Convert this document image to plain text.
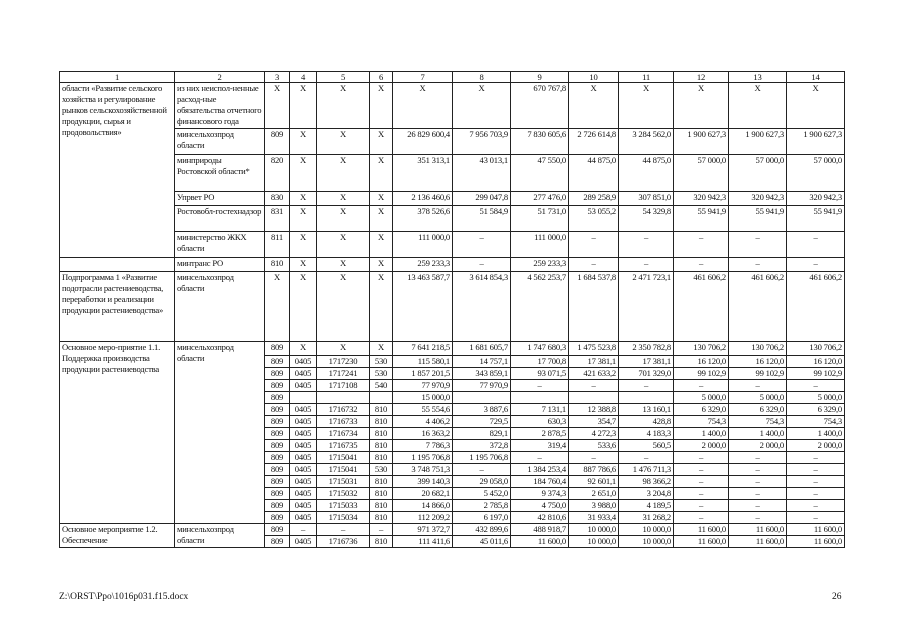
1	2	3	4	5	6	7	8	9	10	11	12	13	14
области «Развитие сельского хозяйства и регулирование рынков сельскохозяйственной продукции, сырья и продовольствия»	из них неиспол-ненные расход-ные обязательства отчетного финансового года	X	X	X	X	X	X	670 767,8	X	X	X	X	X
	минсельхозпрод области	809	X	X	X	26 829 600,4	7 956 703,9	7 830 605,6	2 726 614,8	3 284 562,0	1 900 627,3	1 900 627,3	1 900 627,3
	минприроды Ростовской области*	820	X	X	X	351 313,1	43 013,1	47 550,0	44 875,0	44 875,0	57 000,0	57 000,0	57 000,0
	Упрвет РО	830	X	X	X	2 136 460,6	299 047,8	277 476,0	289 258,9	307 851,0	320 942,3	320 942,3	320 942,3
	Ростовобл-гостехнадзор	831	X	X	X	378 526,6	51 584,9	51 731,0	53 055,2	54 329,8	55 941,9	55 941,9	55 941,9
	министерство ЖКХ области	811	X	X	X	111 000,0	–	111 000,0	–	–	–	–	–
	минтранс РО	810	X	X	X	259 233,3	–	259 233,3	–	–	–	–	–
Подпрограмма 1 «Развитие подотрасли растениеводства, переработки и реализации продукции растениеводства»	минсельхозпрод области	X	X	X	X	13 463 587,7	3 614 854,3	4 562 253,7	1 684 537,8	2 471 723,1	461 606,2	461 606,2	461 606,2
Основное меро-приятие 1.1. Поддержка производства продукции растениеводства	минсельхозпрод области	809	X	X	X	7 641 218,5	1 681 605,7	1 747 680,3	1 475 523,8	2 350 782,8	130 706,2	130 706,2	130 706,2
		809	0405	1717230	530	115 580,1	14 757,1	17 700,8	17 381,1	17 381,1	16 120,0	16 120,0	16 120,0
		809	0405	1717241	530	1 857 201,5	343 859,1	93 071,5	421 633,2	701 329,0	99 102,9	99 102,9	99 102,9
		809	0405	1717108	540	77 970,9	77 970,9	–	–	–	–	–	–
		809				15 000,0					5 000,0	5 000,0	5 000,0
		809	0405	1716732	810	55 554,6	3 887,6	7 131,1	12 388,8	13 160,1	6 329,0	6 329,0	6 329,0
		809	0405	1716733	810	4 406,2	729,5	630,3	354,7	428,8	754,3	754,3	754,3
		809	0405	1716734	810	16 363,2	829,1	2 878,5	4 272,3	4 183,3	1 400,0	1 400,0	1 400,0
		809	0405	1716735	810	7 786,3	372,8	319,4	533,6	560,5	2 000,0	2 000,0	2 000,0
		809	0405	1715041	810	1 195 706,8	1 195 706,8	–	–	–	–	–	–
		809	0405	1715041	530	3 748 751,3	–	1 384 253,4	887 786,6	1 476 711,3	–	–	–
		809	0405	1715031	810	399 140,3	29 058,0	184 760,4	92 601,1	98 366,2	–	–	–
		809	0405	1715032	810	20 682,1	5 452,0	9 374,3	2 651,0	3 204,8	–	–	–
		809	0405	1715033	810	14 866,0	2 785,8	4 750,0	3 988,0	4 189,5	–	–	–
		809	0405	1715034	810	112 209,2	6 197,0	42 810,6	31 933,4	31 268,2	–	–	–
Основное мероприятие 1.2. Обеспечение	минсельхозпрод области	809	–	–	–	971 372,7	432 899,6	488 918,7	10 000,0	10 000,0	11 600,0	11 600,0	11 600,0
		809	0405	1716736	810	111 411,6	45 011,6	11 600,0	10 000,0	10 000,0	11 600,0	11 600,0	11 600,0
Z:\ORST\Ppo\1016p031.f15.docx	26
